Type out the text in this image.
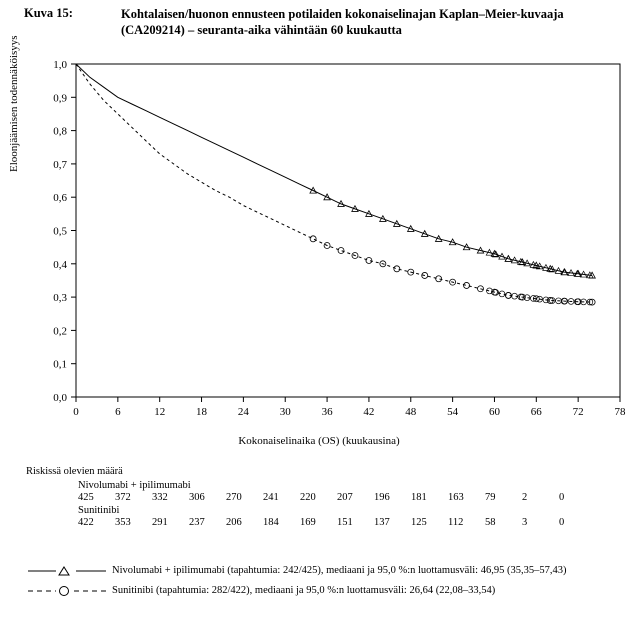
Kuva 15:	Kohtalaisen/huonon ennusteen potilaiden kokonaiselinajan Kaplan–Meier-kuvaaja (CA209214) – seuranta-aika vähintään 60 kuukautta
Eloonjäämisen todennäköisyys
0	6	12	18	24	30	36	42	48	54	60	66	72	78
0,0
0,1
0,2
0,3
0,4
0,5
0,6
0,7
0,8
0,9
1,0
Kokonaiselinaika (OS) (kuukausina)
Riskissä olevien määrä
Nivolumabi + ipilimumabi
425	372	332	306	270	241	220	207	196	181	163	79	2	0
Sunitinibi
422	353	291	237	206	184	169	151	137	125	112	58	3	0
Nivolumabi + ipilimumabi (tapahtumia: 242/425), mediaani ja 95,0 %:n luottamusväli: 46,95 (35,35–57,43)
Sunitinibi (tapahtumia: 282/422), mediaani ja 95,0 %:n luottamusväli: 26,64 (22,08–33,54)
